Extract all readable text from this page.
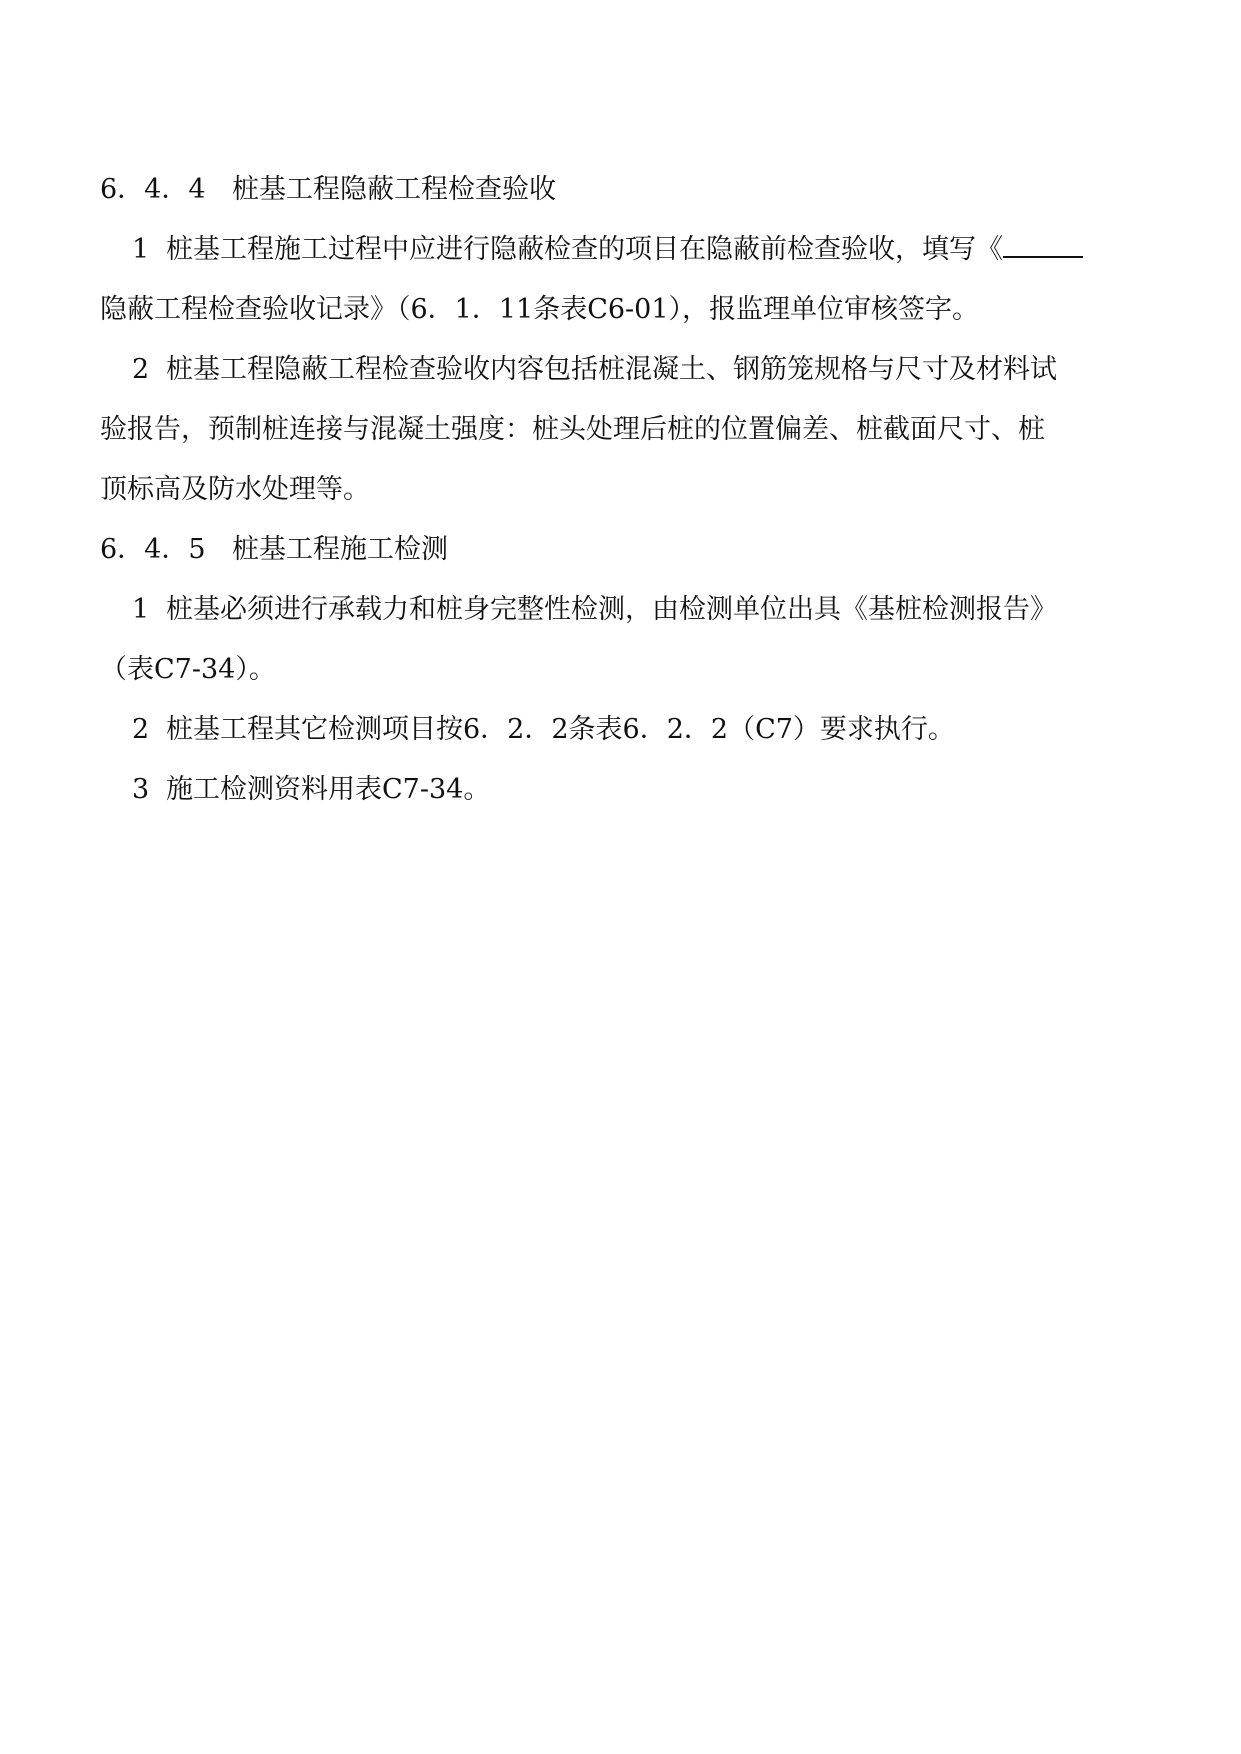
6．4．4 桩基工程隐蔽工程检查验收
1 桩基工程施工过程中应进行隐蔽检查的项目在隐蔽前检查验收，填写《
隐蔽工程检查验收记录》（6．1．11条表C6-01），报监理单位审核签字。
2 桩基工程隐蔽工程检查验收内容包括桩混凝土、钢筋笼规格与尺寸及材料试
验报告，预制桩连接与混凝土强度：桩头处理后桩的位置偏差、桩截面尺寸、桩
顶标高及防水处理等。
6．4．5 桩基工程施工检测
1 桩基必须进行承载力和桩身完整性检测，由检测单位出具《基桩检测报告》
（表C7-34）。
2 桩基工程其它检测项目按6．2．2条表6．2．2（C7）要求执行。
3 施工检测资料用表C7-34。
